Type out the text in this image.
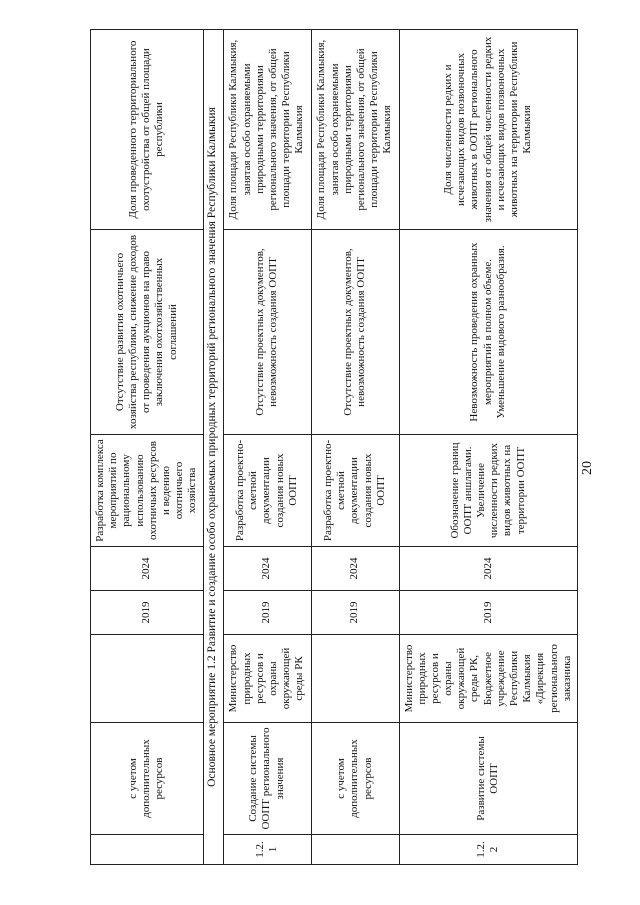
	с учетом дополнительных ресурсов		2019	2024	Разработка комплекса мероприятий по рациональному использованию охотничьих ресурсов и ведению охотничьего хозяйства	Отсутствие развития охотничьего хозяйства республики, снижение доходов от проведения аукционов на право заключения охотхозяйственных соглашений	Доля проведенного территориального охотустройства от общей площади республики
Основное мероприятие 1.2 Развитие и создание особо охраняемых природных территорий регионального значения Республики Калмыкия							
1.2.1	Создание системы ООПТ регионального значения	Министерство природных ресурсов и охраны окружающей среды РК	2019	2024	Разработка проектно-сметной документации создания новых ООПТ	Отсутствие проектных документов, невозможность создания ООПТ	Доля площади Республики Калмыкия, занятая особо охраняемыми природными территориями регионального значения, от общей площади территории Республики Калмыкия
	с учетом дополнительных ресурсов		2019	2024	Разработка проектно-сметной документации создания новых ООПТ	Отсутствие проектных документов, невозможность создания ООПТ	Доля площади Республики Калмыкия, занятая особо охраняемыми природными территориями регионального значения, от общей площади территории Республики Калмыкия
1.2.2	Развитие системы ООПТ	Министерство природных ресурсов и охраны окружающей среды РК, Бюджетное учреждение Республики Калмыкия «Дирекция регионального заказника	2019	2024	Обозначение границ ООПТ аншлагами. Увеличение численности редких видов животных на территории ООПТ	Невозможность проведения охранных мероприятий в полном объеме. Уменьшение видового разнообразия.	Доля численности редких и исчезающих видов позвоночных животных в ООПТ регионального значения от общей численности редких и исчезающих видов позвоночных животных на территории Республики Калмыкия
20
